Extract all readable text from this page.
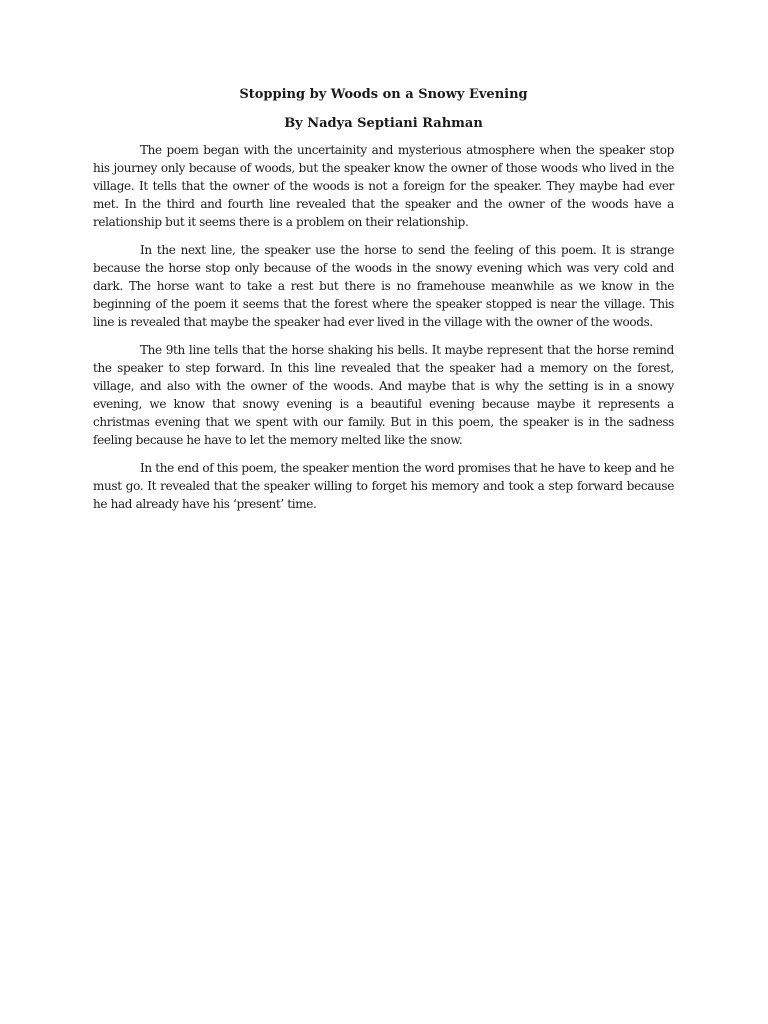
Stopping by Woods on a Snowy Evening
By Nadya Septiani Rahman

The poem began with the uncertainity and mysterious atmosphere when the speaker stop his journey only because of woods, but the speaker know the owner of those woods who lived in the village. It tells that the owner of the woods is not a foreign for the speaker. They maybe had ever met. In the third and fourth line revealed that the speaker and the owner of the woods have a relationship but it seems there is a problem on their relationship.

In the next line, the speaker use the horse to send the feeling of this poem. It is strange because the horse stop only because of the woods in the snowy evening which was very cold and dark. The horse want to take a rest but there is no framehouse meanwhile as we know in the beginning of the poem it seems that the forest where the speaker stopped is near the village. This line is revealed that maybe the speaker had ever lived in the village with the owner of the woods.

The 9th line tells that the horse shaking his bells. It maybe represent that the horse remind the speaker to step forward. In this line revealed that the speaker had a memory on the forest, village, and also with the owner of the woods. And maybe that is why the setting is in a snowy evening, we know that snowy evening is a beautiful evening because maybe it represents a christmas evening that we spent with our family. But in this poem, the speaker is in the sadness feeling because he have to let the memory melted like the snow.

In the end of this poem, the speaker mention the word promises that he have to keep and he must go. It revealed that the speaker willing to forget his memory and took a step forward because he had already have his ‘present’ time.
